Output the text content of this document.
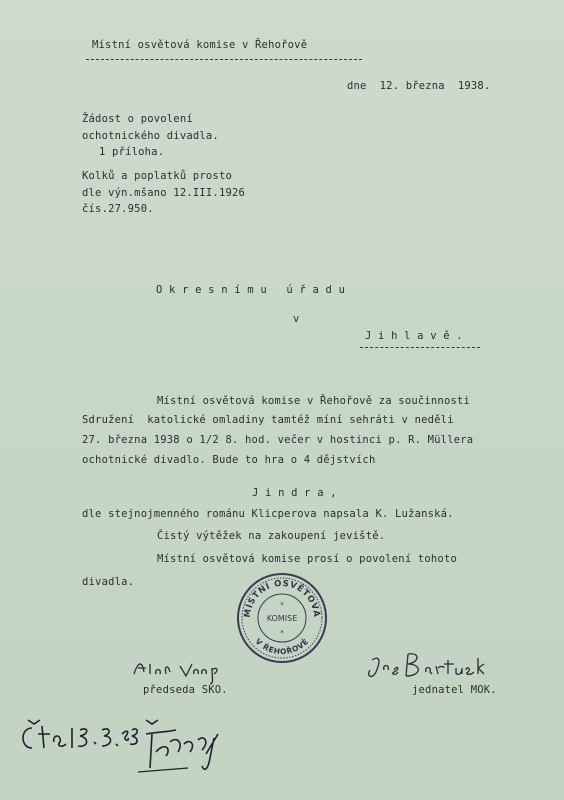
Místní osvětová komise v Řehořově
dne  12. března  1938.
Žádost o povolení
ochotnického divadla.
1 příloha.
Kolků a poplatků prosto
dle výn.mšano 12.III.1926
čís.27.950.
O k r e s n í m u   ú ř a d u
v
J i h l a v ě .
Místní osvětová komise v Řehořově za součinnosti
Sdružení  katolické omladiny tamtéž míní sehráti v neděli
27. března 1938 o 1/2 8. hod. večer v hostinci p. R. Müllera
ochotnické divadlo. Bude to hra o 4 dějstvích
J i n d r a ,
dle stejnojmenného románu Klicperova napsala K. Lužanská.
Čistý výtěžek na zakoupení jeviště.
Místní osvětová komise prosí o povolení tohoto
divadla.
MÍSTNÍ OSVĚTOVÁ
V ŘEHOŘOVĚ
KOMISE
*
*
předseda SKO.	jednatel MOK.
